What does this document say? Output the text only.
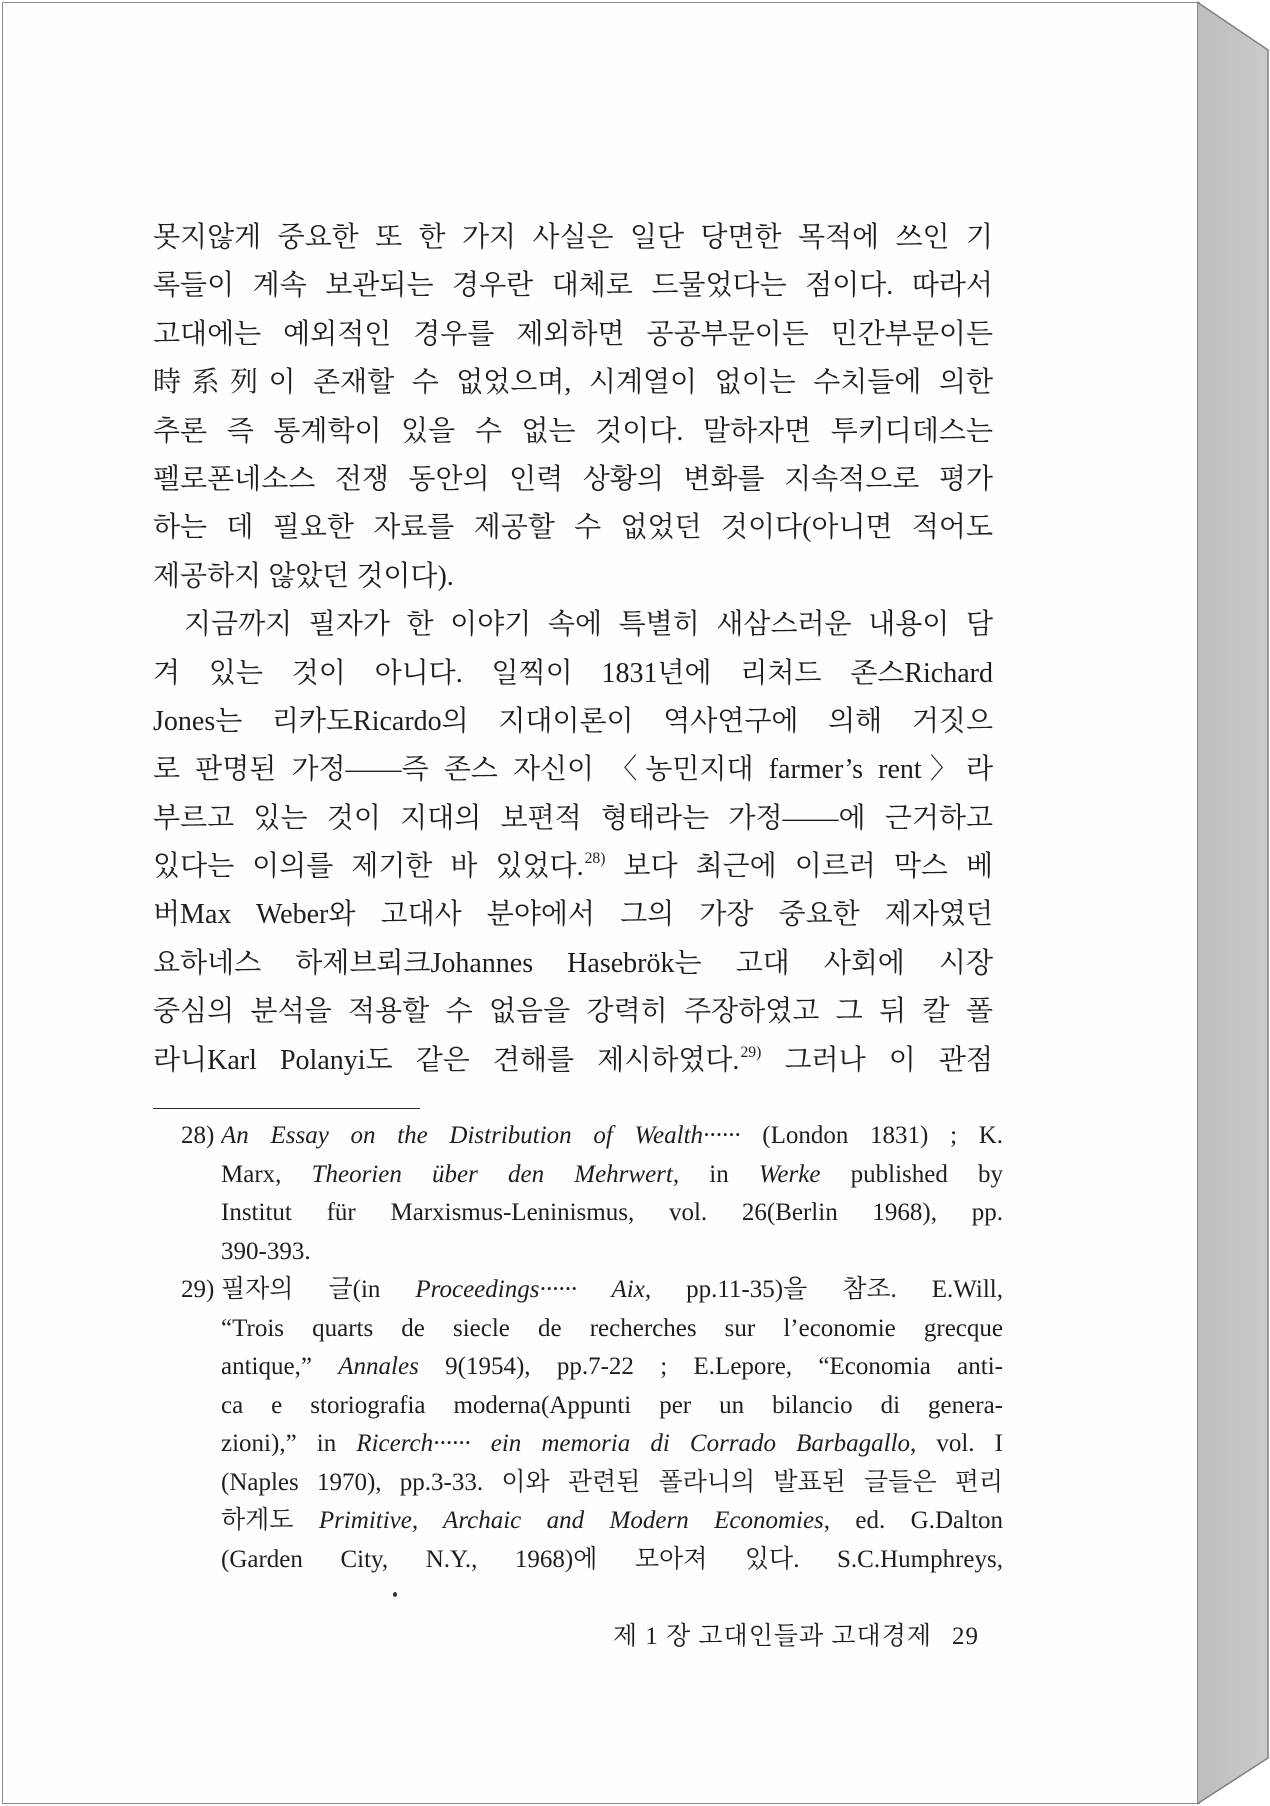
못지않게 중요한 또 한 가지 사실은 일단 당면한 목적에 쓰인 기
록들이 계속 보관되는 경우란 대체로 드물었다는 점이다. 따라서
고대에는 예외적인 경우를 제외하면 공공부문이든 민간부문이든
時系列이 존재할 수 없었으며, 시계열이 없이는 수치들에 의한
추론 즉 통계학이 있을 수 없는 것이다. 말하자면 투키디데스는
펠로폰네소스 전쟁 동안의 인력 상황의 변화를 지속적으로 평가
하는 데 필요한 자료를 제공할 수 없었던 것이다(아니면 적어도
제공하지 않았던 것이다).
지금까지 필자가 한 이야기 속에 특별히 새삼스러운 내용이 담
겨 있는 것이 아니다. 일찍이 1831년에 리처드 존스Richard
Jones는 리카도Ricardo의 지대이론이 역사연구에 의해 거짓으
로 판명된 가정——즉 존스 자신이 〈농민지대 farmer’s rent〉라
부르고 있는 것이 지대의 보편적 형태라는 가정——에 근거하고
있다는 이의를 제기한 바 있었다.$^{28)}$ 보다 최근에 이르러 막스 베
버Max Weber와 고대사 분야에서 그의 가장 중요한 제자였던
요하네스 하제브뢰크Johannes Hasebrök는 고대 사회에 시장
중심의 분석을 적용할 수 없음을 강력히 주장하였고 그 뒤 칼 폴
라니Karl Polanyi도 같은 견해를 제시하였다.$^{29)}$ 그러나 이 관점
28) An Essay on the Distribution of Wealth······ (London 1831) ; K.
Marx, Theorien über den Mehrwert, in Werke published by
Institut für Marxismus-Leninismus, vol. 26(Berlin 1968), pp.
390-393.
29) 필자의 글(in Proceedings······ Aix, pp.11-35)을 참조. E.Will,
“Trois quarts de siecle de recherches sur l’economie grecque
antique,” Annales 9(1954), pp.7-22 ; E.Lepore, “Economia anti-
ca e storiografia moderna(Appunti per un bilancio di genera-
zioni),” in Ricerch······ ein memoria di Corrado Barbagallo, vol. I
(Naples 1970), pp.3-33. 이와 관련된 폴라니의 발표된 글들은 편리
하게도 Primitive, Archaic and Modern Economies, ed. G.Dalton
(Garden City, N.Y., 1968)에 모아져 있다. S.C.Humphreys,
제 1 장 고대인들과 고대경제 29
